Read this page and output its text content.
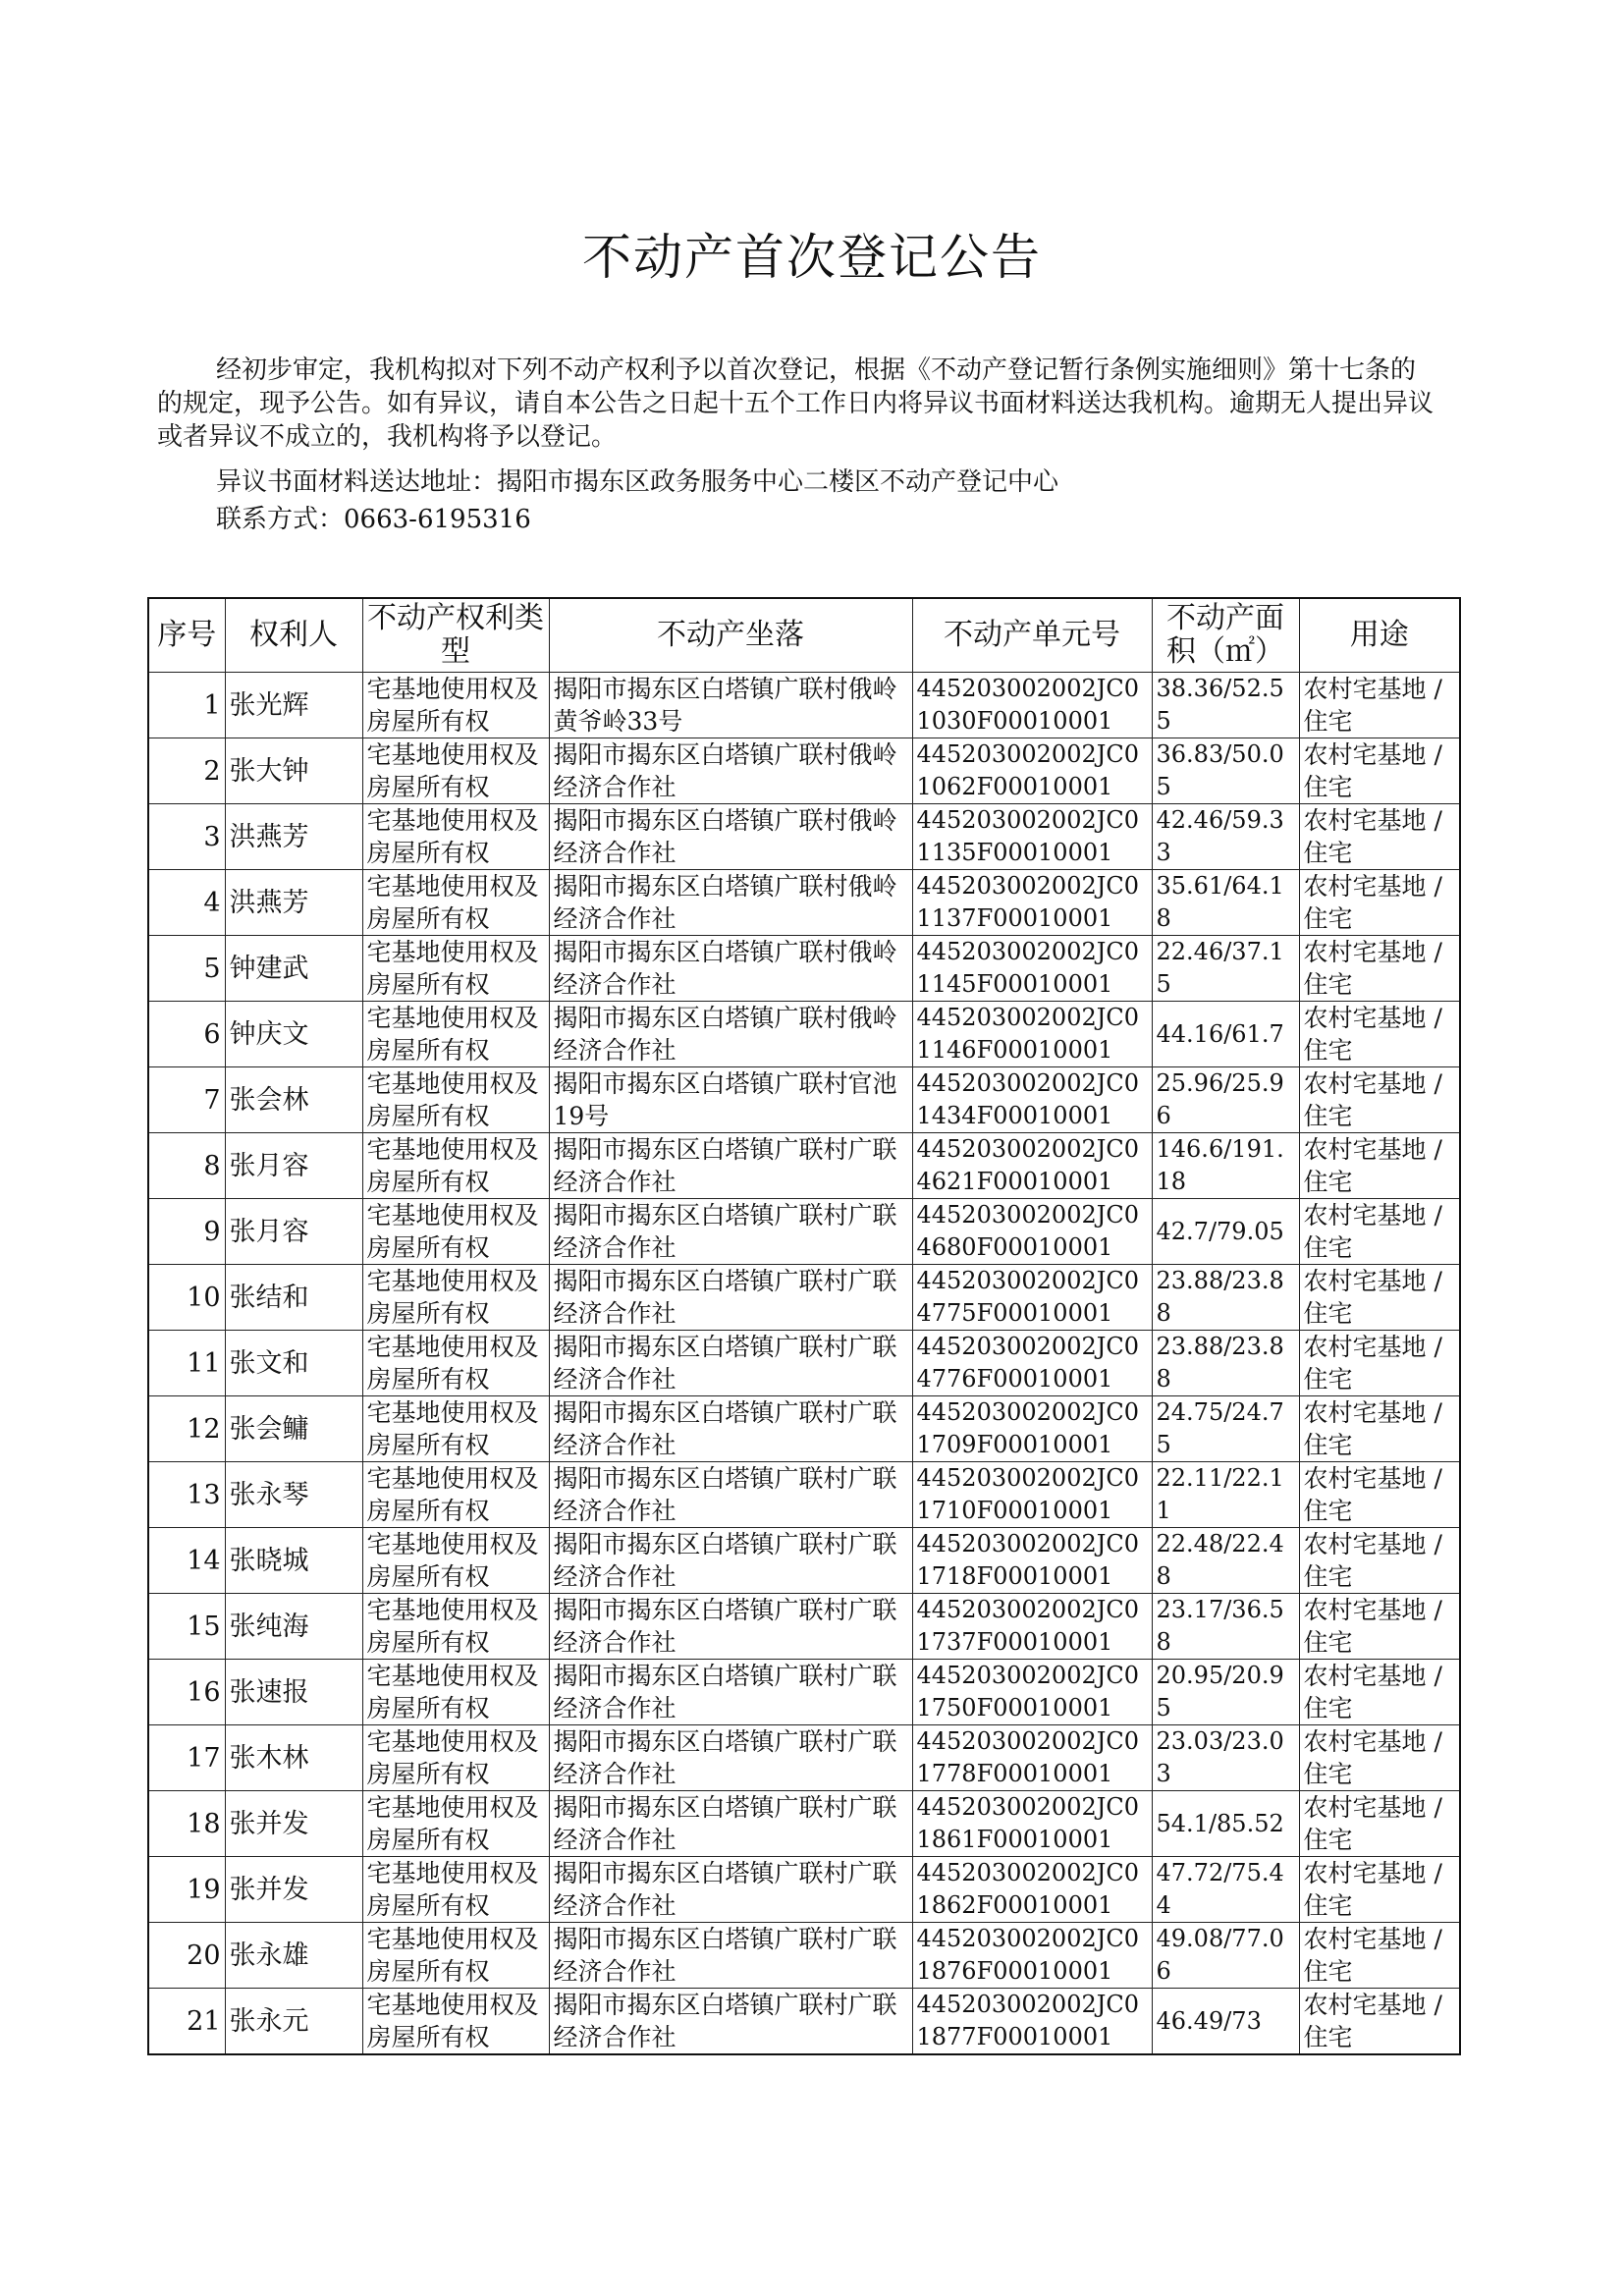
不动产首次登记公告
经初步审定，我机构拟对下列不动产权利予以首次登记，根据《不动产登记暂行条例实施细则》第十七条的的规定，现予公告。如有异议，请自本公告之日起十五个工作日内将异议书面材料送达我机构。逾期无人提出异议或者异议不成立的，我机构将予以登记。
异议书面材料送达地址：揭阳市揭东区政务服务中心二楼区不动产登记中心
联系方式：0663-6195316
序号	权利人	不动产权利类型	不动产坐落	不动产单元号	不动产面积（㎡）	用途
1	张光辉	宅基地使用权及房屋所有权	揭阳市揭东区白塔镇广联村俄岭黄爷岭33号	445203002002JC01030F00010001	38.36/52.55	农村宅基地 / 住宅
2	张大钟	宅基地使用权及房屋所有权	揭阳市揭东区白塔镇广联村俄岭经济合作社	445203002002JC01062F00010001	36.83/50.05	农村宅基地 / 住宅
3	洪燕芳	宅基地使用权及房屋所有权	揭阳市揭东区白塔镇广联村俄岭经济合作社	445203002002JC01135F00010001	42.46/59.33	农村宅基地 / 住宅
4	洪燕芳	宅基地使用权及房屋所有权	揭阳市揭东区白塔镇广联村俄岭经济合作社	445203002002JC01137F00010001	35.61/64.18	农村宅基地 / 住宅
5	钟建武	宅基地使用权及房屋所有权	揭阳市揭东区白塔镇广联村俄岭经济合作社	445203002002JC01145F00010001	22.46/37.15	农村宅基地 / 住宅
6	钟庆文	宅基地使用权及房屋所有权	揭阳市揭东区白塔镇广联村俄岭经济合作社	445203002002JC01146F00010001	44.16/61.7	农村宅基地 / 住宅
7	张会林	宅基地使用权及房屋所有权	揭阳市揭东区白塔镇广联村官池19号	445203002002JC01434F00010001	25.96/25.96	农村宅基地 / 住宅
8	张月容	宅基地使用权及房屋所有权	揭阳市揭东区白塔镇广联村广联经济合作社	445203002002JC04621F00010001	146.6/191.18	农村宅基地 / 住宅
9	张月容	宅基地使用权及房屋所有权	揭阳市揭东区白塔镇广联村广联经济合作社	445203002002JC04680F00010001	42.7/79.05	农村宅基地 / 住宅
10	张结和	宅基地使用权及房屋所有权	揭阳市揭东区白塔镇广联村广联经济合作社	445203002002JC04775F00010001	23.88/23.88	农村宅基地 / 住宅
11	张文和	宅基地使用权及房屋所有权	揭阳市揭东区白塔镇广联村广联经济合作社	445203002002JC04776F00010001	23.88/23.88	农村宅基地 / 住宅
12	张会鳙	宅基地使用权及房屋所有权	揭阳市揭东区白塔镇广联村广联经济合作社	445203002002JC01709F00010001	24.75/24.75	农村宅基地 / 住宅
13	张永琴	宅基地使用权及房屋所有权	揭阳市揭东区白塔镇广联村广联经济合作社	445203002002JC01710F00010001	22.11/22.11	农村宅基地 / 住宅
14	张晓城	宅基地使用权及房屋所有权	揭阳市揭东区白塔镇广联村广联经济合作社	445203002002JC01718F00010001	22.48/22.48	农村宅基地 / 住宅
15	张纯海	宅基地使用权及房屋所有权	揭阳市揭东区白塔镇广联村广联经济合作社	445203002002JC01737F00010001	23.17/36.58	农村宅基地 / 住宅
16	张速报	宅基地使用权及房屋所有权	揭阳市揭东区白塔镇广联村广联经济合作社	445203002002JC01750F00010001	20.95/20.95	农村宅基地 / 住宅
17	张木林	宅基地使用权及房屋所有权	揭阳市揭东区白塔镇广联村广联经济合作社	445203002002JC01778F00010001	23.03/23.03	农村宅基地 / 住宅
18	张并发	宅基地使用权及房屋所有权	揭阳市揭东区白塔镇广联村广联经济合作社	445203002002JC01861F00010001	54.1/85.52	农村宅基地 / 住宅
19	张并发	宅基地使用权及房屋所有权	揭阳市揭东区白塔镇广联村广联经济合作社	445203002002JC01862F00010001	47.72/75.44	农村宅基地 / 住宅
20	张永雄	宅基地使用权及房屋所有权	揭阳市揭东区白塔镇广联村广联经济合作社	445203002002JC01876F00010001	49.08/77.06	农村宅基地 / 住宅
21	张永元	宅基地使用权及房屋所有权	揭阳市揭东区白塔镇广联村广联经济合作社	445203002002JC01877F00010001	46.49/73	农村宅基地 / 住宅
